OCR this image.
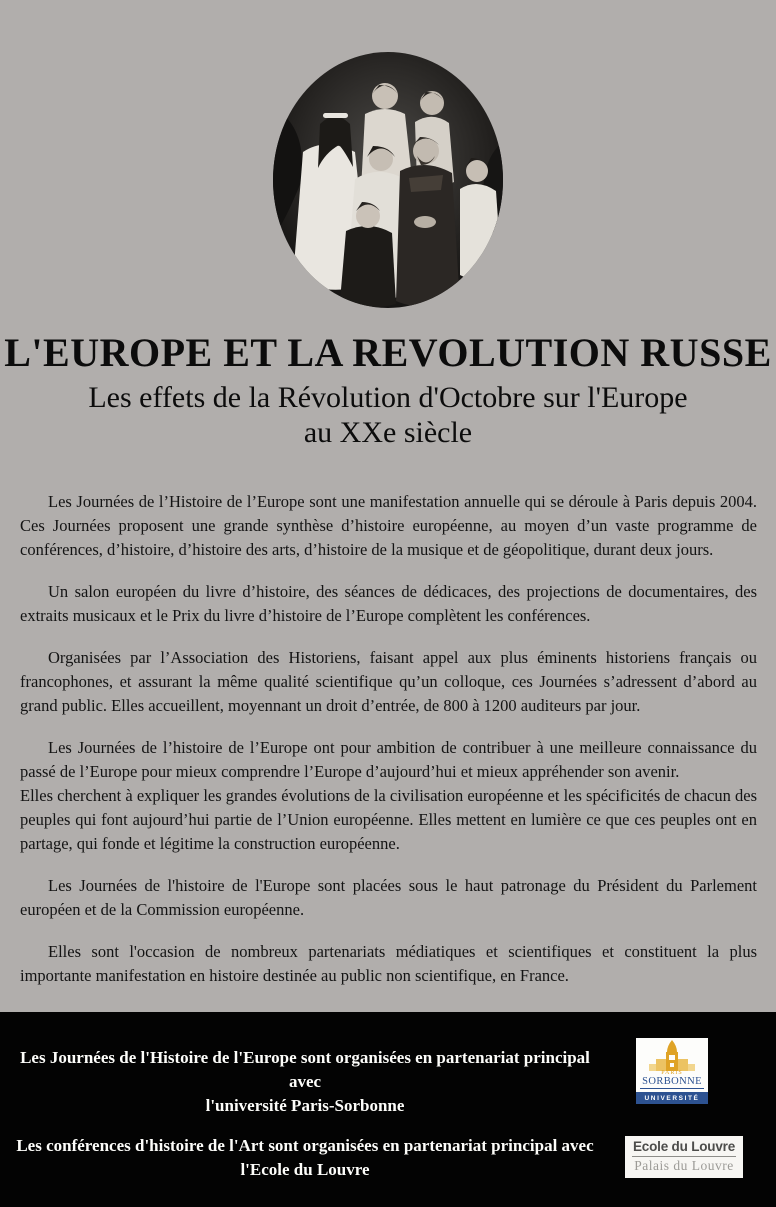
L'EUROPE ET LA REVOLUTION RUSSE
Les effets de la Révolution d'Octobre sur l'Europe
au XXe siècle

Les Journées de l’Histoire de l’Europe sont une manifestation annuelle qui se déroule à Paris depuis 2004. Ces Journées proposent une grande synthèse d’histoire européenne, au moyen d’un vaste programme de conférences, d’histoire, d’histoire des arts, d’histoire de la musique et de géopolitique, durant deux jours.

Un salon européen du livre d’histoire, des séances de dédicaces, des projections de documentaires, des extraits musicaux et le Prix du livre d’histoire de l’Europe complètent les conférences.

Organisées par l’Association des Historiens, faisant appel aux plus éminents historiens français ou francophones, et assurant la même qualité scientifique qu’un colloque, ces Journées s’adressent d’abord au grand public. Elles accueillent, moyennant un droit d’entrée, de 800 à 1200 auditeurs par jour.

Les Journées de l’histoire de l’Europe ont pour ambition de contribuer à une meilleure connaissance du passé de l’Europe pour mieux comprendre l’Europe d’aujourd’hui et mieux appréhender son avenir.

Elles cherchent à expliquer les grandes évolutions de la civilisation européenne et les spécificités de chacun des peuples qui font aujourd’hui partie de l’Union européenne. Elles mettent en lumière ce que ces peuples ont en partage, qui fonde et légitime la construction européenne.

Les Journées de l'histoire de l'Europe sont placées sous le haut patronage du Président du Parlement européen et de la Commission européenne.

Elles sont l'occasion de nombreux partenariats médiatiques et scientifiques et constituent la plus importante manifestation en histoire destinée au public non scientifique, en France.

Les Journées de l'Histoire de l'Europe sont organisées en partenariat principal avec
l'université Paris-Sorbonne
PARIS
SORBONNE
UNIVERSITÉ
Les conférences d'histoire de l'Art sont organisées en partenariat principal avec
l'Ecole du Louvre
Ecole du Louvre
Palais du Louvre
